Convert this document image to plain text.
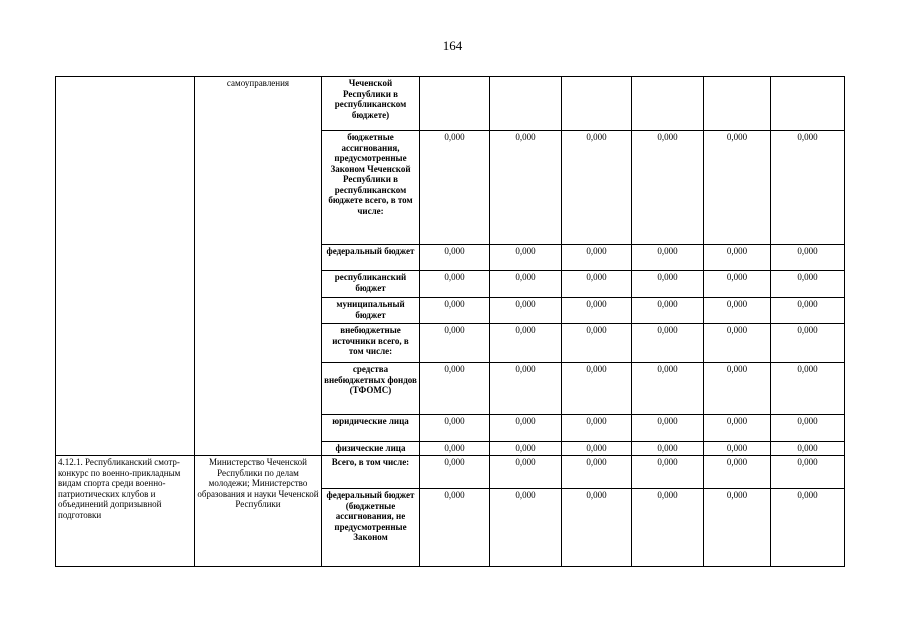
164
	самоуправления	Чеченской Республики в республиканском бюджете)						
		бюджетные ассигнования, предусмотренные Законом Чеченской Республики в республиканском бюджете всего, в том числе:	0,000	0,000	0,000	0,000	0,000	0,000
		федеральный бюджет	0,000	0,000	0,000	0,000	0,000	0,000
		республиканский бюджет	0,000	0,000	0,000	0,000	0,000	0,000
		муниципальный бюджет	0,000	0,000	0,000	0,000	0,000	0,000
		внебюджетные источники всего, в том числе:	0,000	0,000	0,000	0,000	0,000	0,000
		средства внебюджетных фондов (ТФОМС)	0,000	0,000	0,000	0,000	0,000	0,000
		юридические лица	0,000	0,000	0,000	0,000	0,000	0,000
		физические лица	0,000	0,000	0,000	0,000	0,000	0,000
4.12.1. Республиканский смотр-конкурс по военно-прикладным видам спорта среди военно-патриотических клубов и объединений допризывной подготовки	Министерство Чеченской Республики по делам молодежи; Министерство образования и науки Чеченской Республики	Всего, в том числе:	0,000	0,000	0,000	0,000	0,000	0,000
		федеральный бюджет (бюджетные ассигнования, не предусмотренные Законом	0,000	0,000	0,000	0,000	0,000	0,000
